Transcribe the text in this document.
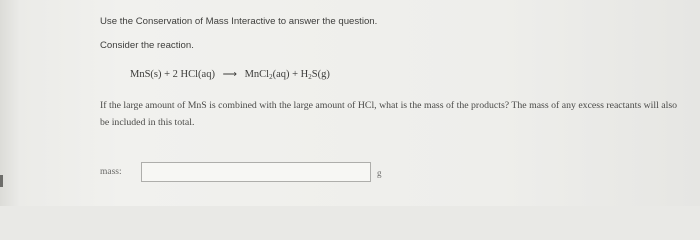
Use the Conservation of Mass Interactive to answer the question.
Consider the reaction.
MnS(s) + 2 HCl(aq) ⟶ MnCl$_2$(aq) + $H_2S(g)$
If the large amount of MnS is combined with the large amount of HCl, what is the mass of the products? The mass of any excess reactants will also be included in this total.
mass:	g
